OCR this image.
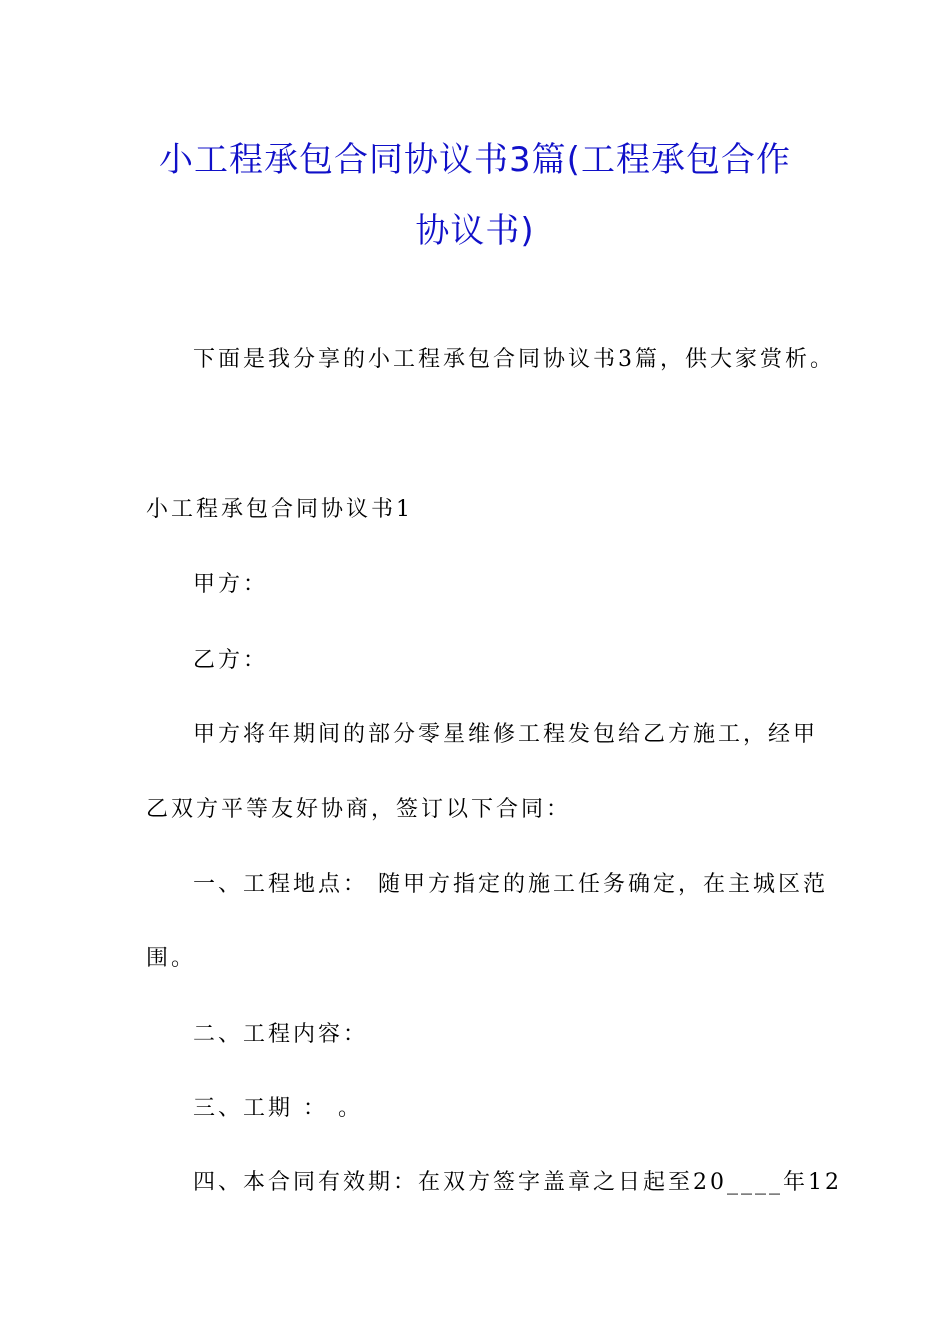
小工程承包合同协议书3篇(工程承包合作
协议书)
下面是我分享的小工程承包合同协议书3篇，供大家赏析。
小工程承包合同协议书1
甲方：
乙方：
甲方将年期间的部分零星维修工程发包给乙方施工，经甲
乙双方平等友好协商，签订以下合同：
一、工程地点： 随甲方指定的施工任务确定，在主城区范
围。
二、工程内容：
三、工期 ： 。
四、本合同有效期：在双方签字盖章之日起至20____年12
